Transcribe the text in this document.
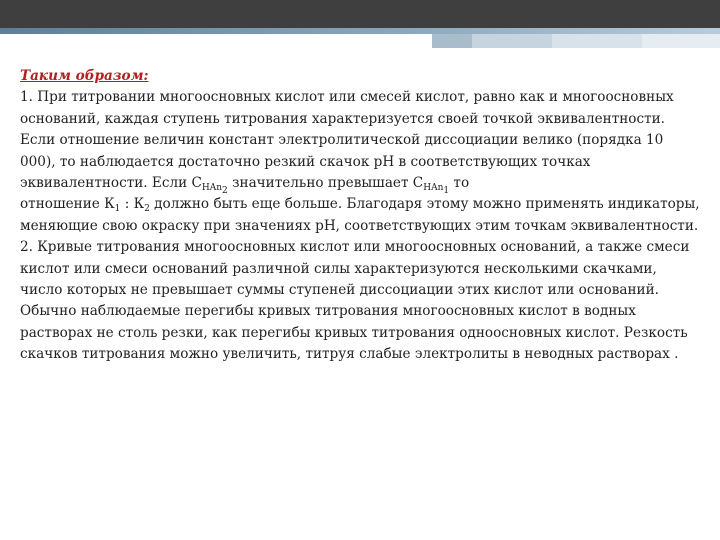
Таким образом:
1. При титровании многоосновных кислот или смесей кислот, равно как и многоосновных оснований, каждая ступень титрования характеризуется своей точкой эквивалентности. Если отношение величин констант электролитической диссоциации велико (порядка 10 000), то наблюдается достаточно резкий скачок рН в соответствующих точках эквивалентности. Если $С_{HAn_2}$ значительно превышает $С_{HAn_1}$ то
отношение $К_1$ : $К_2$ должно быть еще больше. Благодаря этому можно применять индикаторы, меняющие свою окраску при значениях рН, соответствующих этим точкам эквивалентности.
2. Кривые титрования многоосновных кислот или многоосновных оснований, а также смеси кислот или смеси оснований различной силы характеризуются несколькими скачками, число которых не превышает суммы ступеней диссоциации этих кислот или оснований. Обычно наблюдаемые перегибы кривых титрования многоосновных кислот в водных растворах не столь резки, как перегибы кривых титрования одноосновных кислот. Резкость скачков титрования можно увеличить, титруя слабые электролиты в неводных растворах .
